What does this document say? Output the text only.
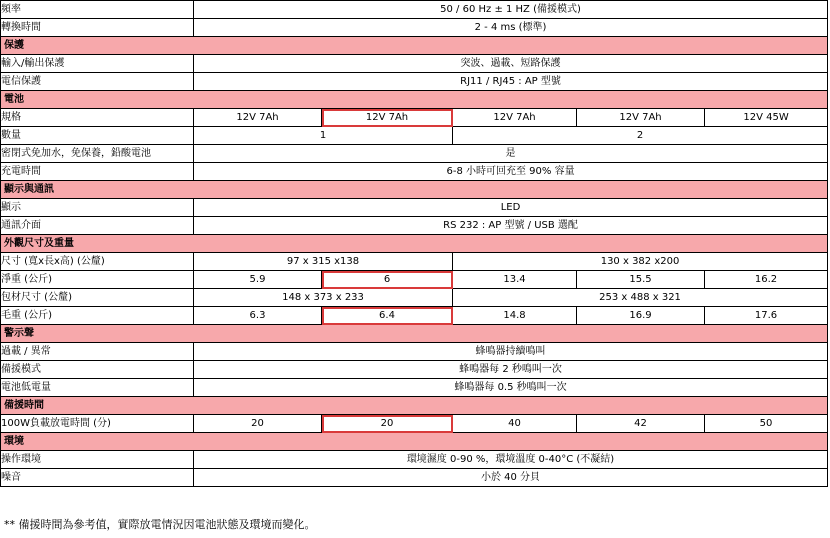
頻率	50 / 60 Hz ± 1 HZ (備援模式)				
轉換時間	2 - 4 ms (標準)				
保護					
輸入/輸出保護	突波、過載、短路保護				
電信保護	RJ11 / RJ45 : AP 型號				
電池					
規格	12V 7Ah	12V 7Ah	12V 7Ah	12V 7Ah	12V 45W
數量	1		2		
密閉式免加水，免保養，鉛酸電池	是				
充電時間	6-8 小時可回充至 90% 容量				
顯示與通訊					
顯示	LED				
通訊介面	RS 232 : AP 型號 / USB 選配				
外觀尺寸及重量					
尺寸 (寬x長x高) (公釐)	97 x 315 x138		130 x 382 x200		
淨重 (公斤)	5.9	6	13.4	15.5	16.2
包材尺寸 (公釐)	148 x 373 x 233		253 x 488 x 321		
毛重 (公斤)	6.3	6.4	14.8	16.9	17.6
警示聲					
過載 / 異常	蜂鳴器持續鳴叫				
備援模式	蜂鳴器每 2 秒鳴叫一次				
電池低電量	蜂鳴器每 0.5 秒鳴叫一次				
備援時間					
100W負載放電時間 (分)	20	20	40	42	50
環境					
操作環境	環境濕度 0-90 %，環境溫度 0-40°C (不凝結)				
噪音	小於 40 分貝				
** 備援時間為參考值，實際放電情況因電池狀態及環境而變化。
